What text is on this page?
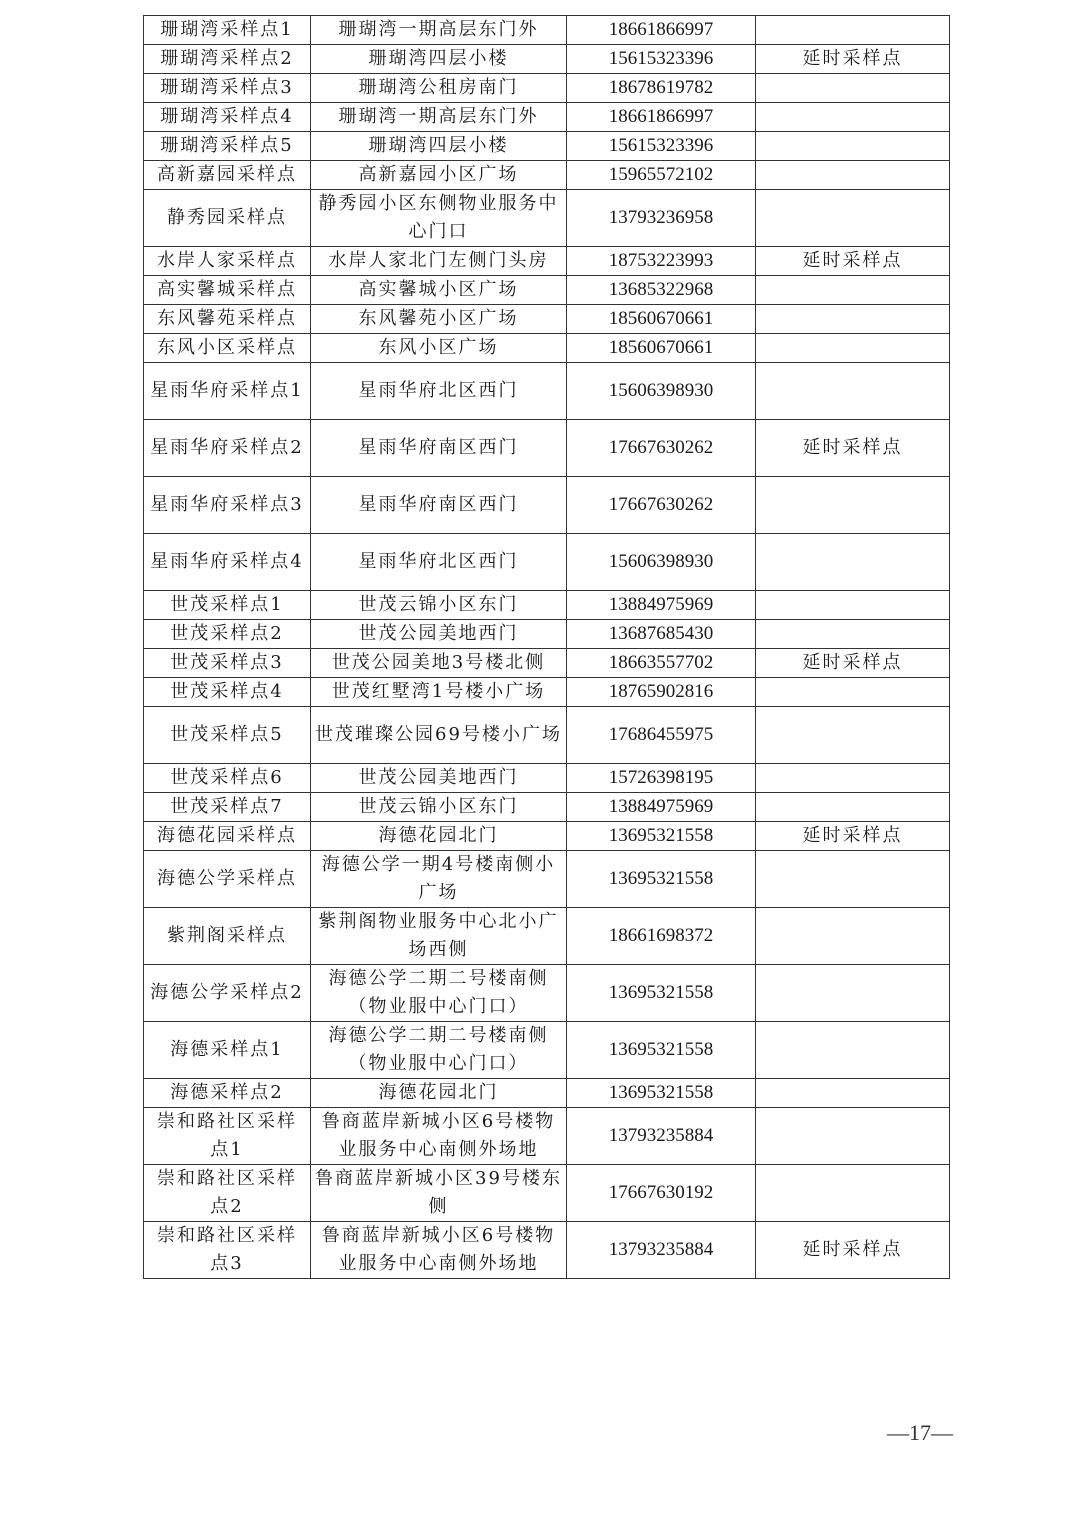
珊瑚湾采样点1	珊瑚湾一期高层东门外	18661866997	
珊瑚湾采样点2	珊瑚湾四层小楼	15615323396	延时采样点
珊瑚湾采样点3	珊瑚湾公租房南门	18678619782	
珊瑚湾采样点4	珊瑚湾一期高层东门外	18661866997	
珊瑚湾采样点5	珊瑚湾四层小楼	15615323396	
高新嘉园采样点	高新嘉园小区广场	15965572102	
静秀园采样点	静秀园小区东侧物业服务中心门口	13793236958	
水岸人家采样点	水岸人家北门左侧门头房	18753223993	延时采样点
高实馨城采样点	高实馨城小区广场	13685322968	
东风馨苑采样点	东风馨苑小区广场	18560670661	
东风小区采样点	东风小区广场	18560670661	
星雨华府采样点1	星雨华府北区西门	15606398930	
星雨华府采样点2	星雨华府南区西门	17667630262	延时采样点
星雨华府采样点3	星雨华府南区西门	17667630262	
星雨华府采样点4	星雨华府北区西门	15606398930	
世茂采样点1	世茂云锦小区东门	13884975969	
世茂采样点2	世茂公园美地西门	13687685430	
世茂采样点3	世茂公园美地3号楼北侧	18663557702	延时采样点
世茂采样点4	世茂红墅湾1号楼小广场	18765902816	
世茂采样点5	世茂璀璨公园69号楼小广场	17686455975	
世茂采样点6	世茂公园美地西门	15726398195	
世茂采样点7	世茂云锦小区东门	13884975969	
海德花园采样点	海德花园北门	13695321558	延时采样点
海德公学采样点	海德公学一期4号楼南侧小广场	13695321558	
紫荆阁采样点	紫荆阁物业服务中心北小广场西侧	18661698372	
海德公学采样点2	海德公学二期二号楼南侧（物业服中心门口）	13695321558	
海德采样点1	海德公学二期二号楼南侧（物业服中心门口）	13695321558	
海德采样点2	海德花园北门	13695321558	
崇和路社区采样点1	鲁商蓝岸新城小区6号楼物业服务中心南侧外场地	13793235884	
崇和路社区采样点2	鲁商蓝岸新城小区39号楼东侧	17667630192	
崇和路社区采样点3	鲁商蓝岸新城小区6号楼物业服务中心南侧外场地	13793235884	延时采样点
—17—
